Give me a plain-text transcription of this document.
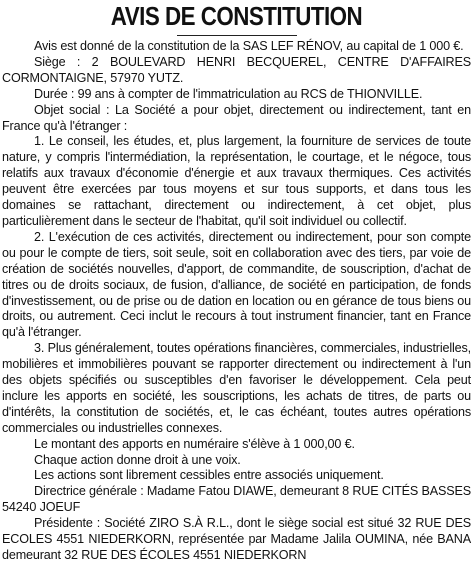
AVIS DE CONSTITUTION

Avis est donné de la constitution de la SAS LEF RÉNOV, au capital de 1 000 €.

Siège : 2 BOULEVARD HENRI BECQUEREL, CENTRE D'AFFAIRES CORMONTAIGNE, 57970 YUTZ.

Durée : 99 ans à compter de l'immatriculation au RCS de THIONVILLE.

Objet social : La Société a pour objet, directement ou indirectement, tant en France qu'à l'étranger :

1. Le conseil, les études, et, plus largement, la fourniture de services de toute nature, y compris l'intermédiation, la représentation, le courtage, et le négoce, tous relatifs aux travaux d'économie d'énergie et aux travaux thermiques. Ces activités peuvent être exercées par tous moyens et sur tous supports, et dans tous les domaines se rattachant, directement ou indirectement, à cet objet, plus particulièrement dans le secteur de l'habitat, qu'il soit individuel ou collectif.

2. L'exécution de ces activités, directement ou indirectement, pour son compte ou pour le compte de tiers, soit seule, soit en collaboration avec des tiers, par voie de création de sociétés nouvelles, d'apport, de commandite, de souscription, d'achat de titres ou de droits sociaux, de fusion, d'alliance, de société en participation, de fonds d'investissement, ou de prise ou de dation en location ou en gérance de tous biens ou droits, ou autrement. Ceci inclut le recours à tout instrument financier, tant en France qu'à l'étranger.

3. Plus généralement, toutes opérations financières, commerciales, industrielles, mobilières et immobilières pouvant se rapporter directement ou indirectement à l'un des objets spécifiés ou susceptibles d'en favoriser le développement. Cela peut inclure les apports en société, les souscriptions, les achats de titres, de parts ou d'intérêts, la constitution de sociétés, et, le cas échéant, toutes autres opérations commerciales ou industrielles connexes.

Le montant des apports en numéraire s'élève à 1 000,00 €.

Chaque action donne droit à une voix.

Les actions sont librement cessibles entre associés uniquement.

Directrice générale : Madame Fatou DIAWE, demeurant 8 RUE CITÉS BASSES 54240 JOEUF

Présidente : Société ZIRO S.À R.L., dont le siège social est situé 32 RUE DES ECOLES 4551 NIEDERKORN, représentée par Madame Jalila OUMINA, née BANA demeurant 32 RUE DES ÉCOLES 4551 NIEDERKORN
